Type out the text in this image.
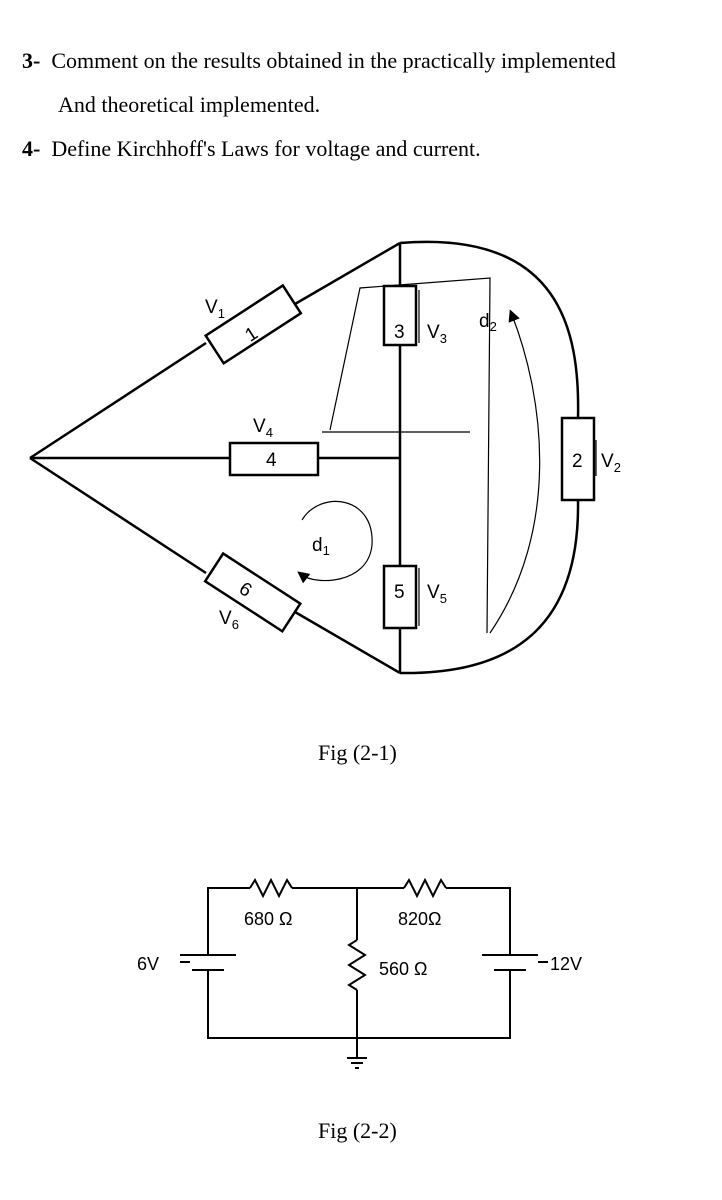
3- Comment on the results obtained in the practically implemented
And theoretical implemented.
4- Define Kirchhoff's Laws for voltage and current.
$V_1$
1
$V_4$
4
6
$V_6$
3 $V_3$
5 $V_5$
2 $V_2$
$d_1$
$d_2$
Fig (2-1)
680 Ω	820Ω
560 Ω
6V	12V
Fig (2-2)
